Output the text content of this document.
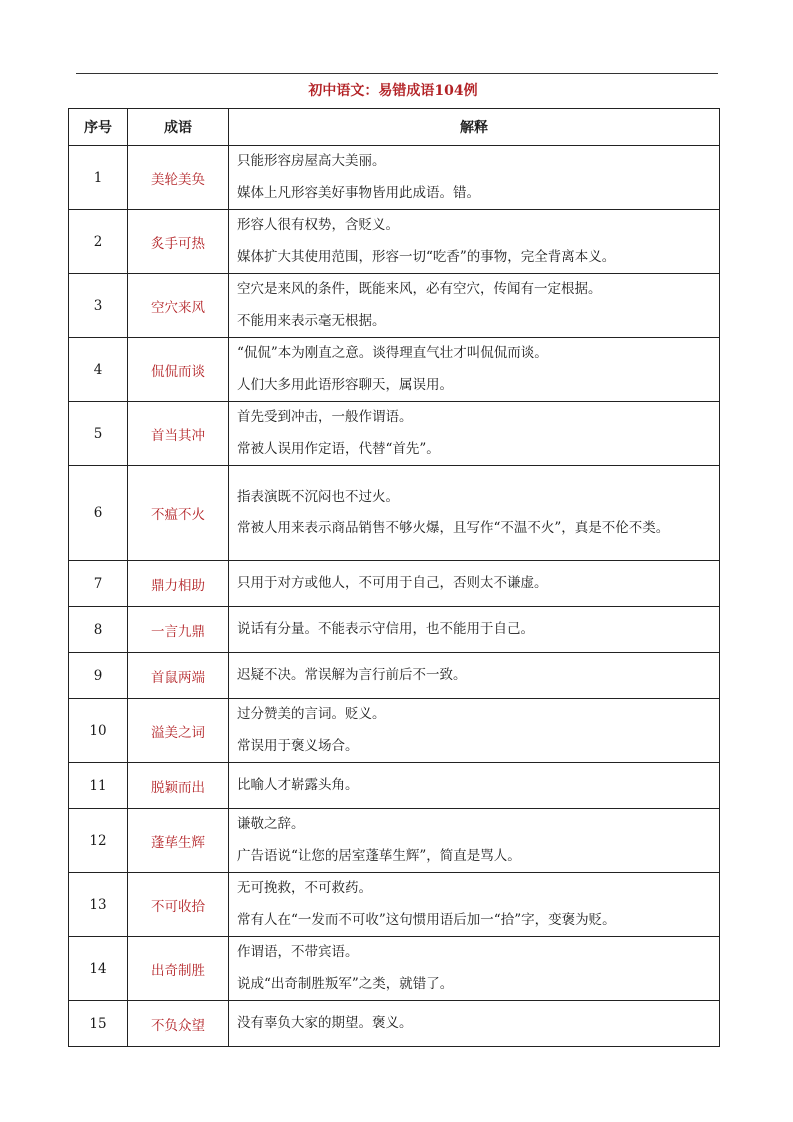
初中语文：易错成语104例
序号	成语	解释
1	美轮美奂	只能形容房屋高大美丽。
媒体上凡形容美好事物皆用此成语。错。

2	炙手可热	形容人很有权势，含贬义。
媒体扩大其使用范围，形容一切“吃香”的事物，完全背离本义。

3	空穴来风	空穴是来风的条件，既能来风，必有空穴，传闻有一定根据。
不能用来表示毫无根据。

4	侃侃而谈	“侃侃”本为刚直之意。谈得理直气壮才叫侃侃而谈。
人们大多用此语形容聊天，属误用。

5	首当其冲	首先受到冲击，一般作谓语。
常被人误用作定语，代替“首先”。

6	不瘟不火	指表演既不沉闷也不过火。
常被人用来表示商品销售不够火爆，且写作“不温不火”，真是不伦不类。

7	鼎力相助	只用于对方或他人，不可用于自己，否则太不谦虚。

8	一言九鼎	说话有分量。不能表示守信用，也不能用于自己。

9	首鼠两端	迟疑不决。常误解为言行前后不一致。

10	溢美之词	过分赞美的言词。贬义。
常误用于褒义场合。

11	脱颖而出	比喻人才崭露头角。

12	蓬荜生辉	谦敬之辞。
广告语说“让您的居室蓬荜生辉”，简直是骂人。

13	不可收拾	无可挽救，不可救药。
常有人在“一发而不可收”这句惯用语后加一“拾”字，变褒为贬。

14	出奇制胜	作谓语，不带宾语。
说成“出奇制胜叛军”之类，就错了。

15	不负众望	没有辜负大家的期望。褒义。
